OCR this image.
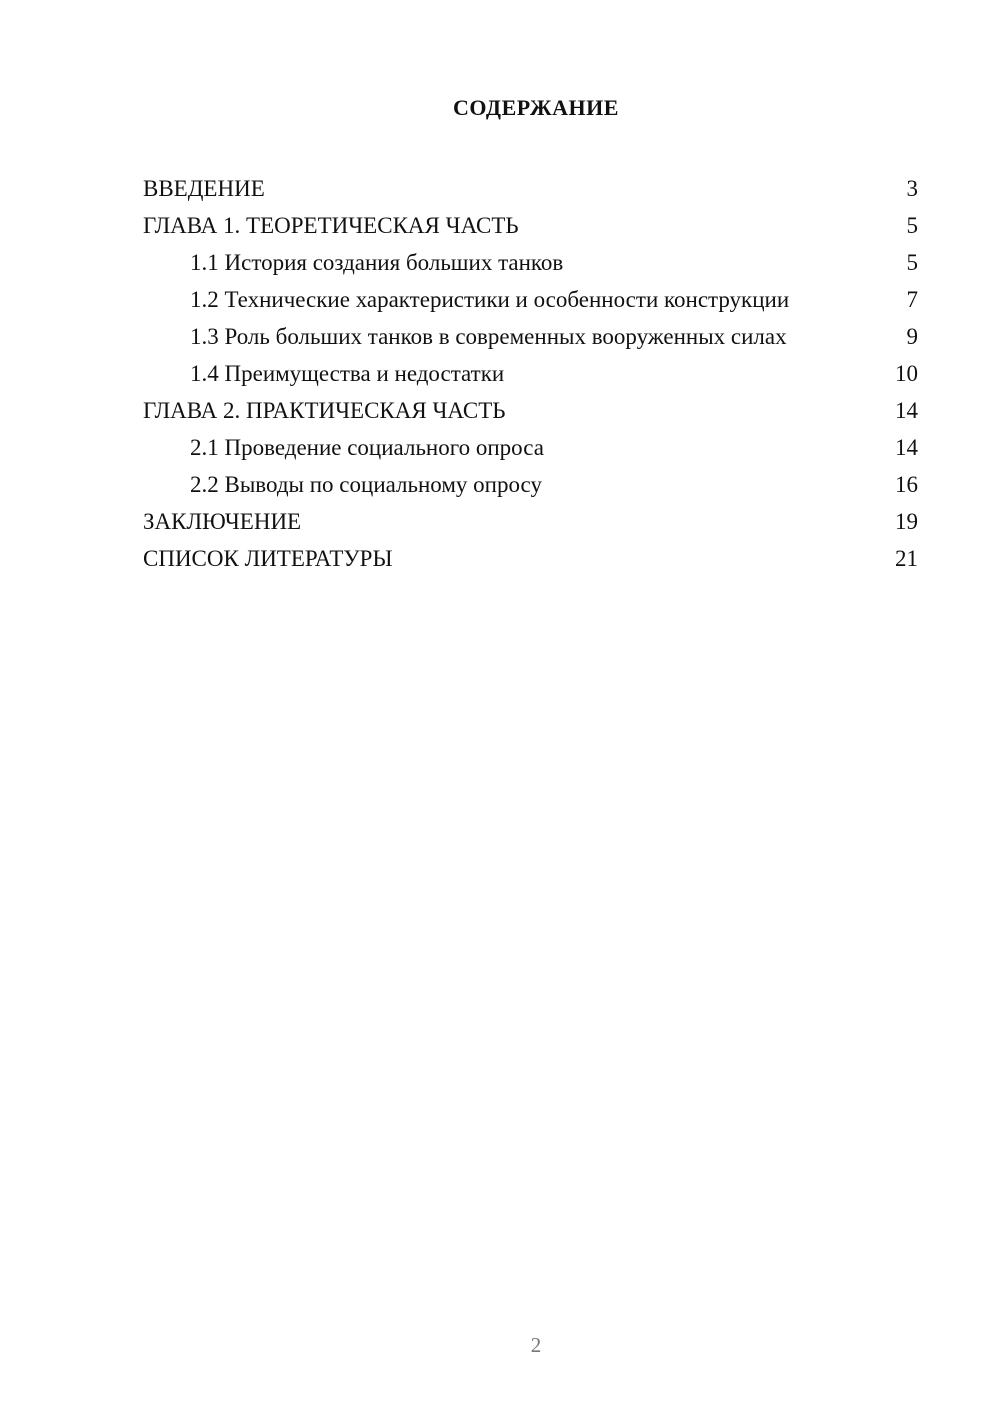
СОДЕРЖАНИЕ
ВВЕДЕНИЕ	3
ГЛАВА 1. ТЕОРЕТИЧЕСКАЯ ЧАСТЬ	5
1.1 История создания больших танков	5
1.2 Технические характеристики и особенности конструкции	7
1.3 Роль больших танков в современных вооруженных силах	9
1.4 Преимущества и недостатки	10
ГЛАВА 2. ПРАКТИЧЕСКАЯ ЧАСТЬ	14
2.1 Проведение социального опроса	14
2.2 Выводы по социальному опросу	16
ЗАКЛЮЧЕНИЕ	19
СПИСОК ЛИТЕРАТУРЫ	21
2
